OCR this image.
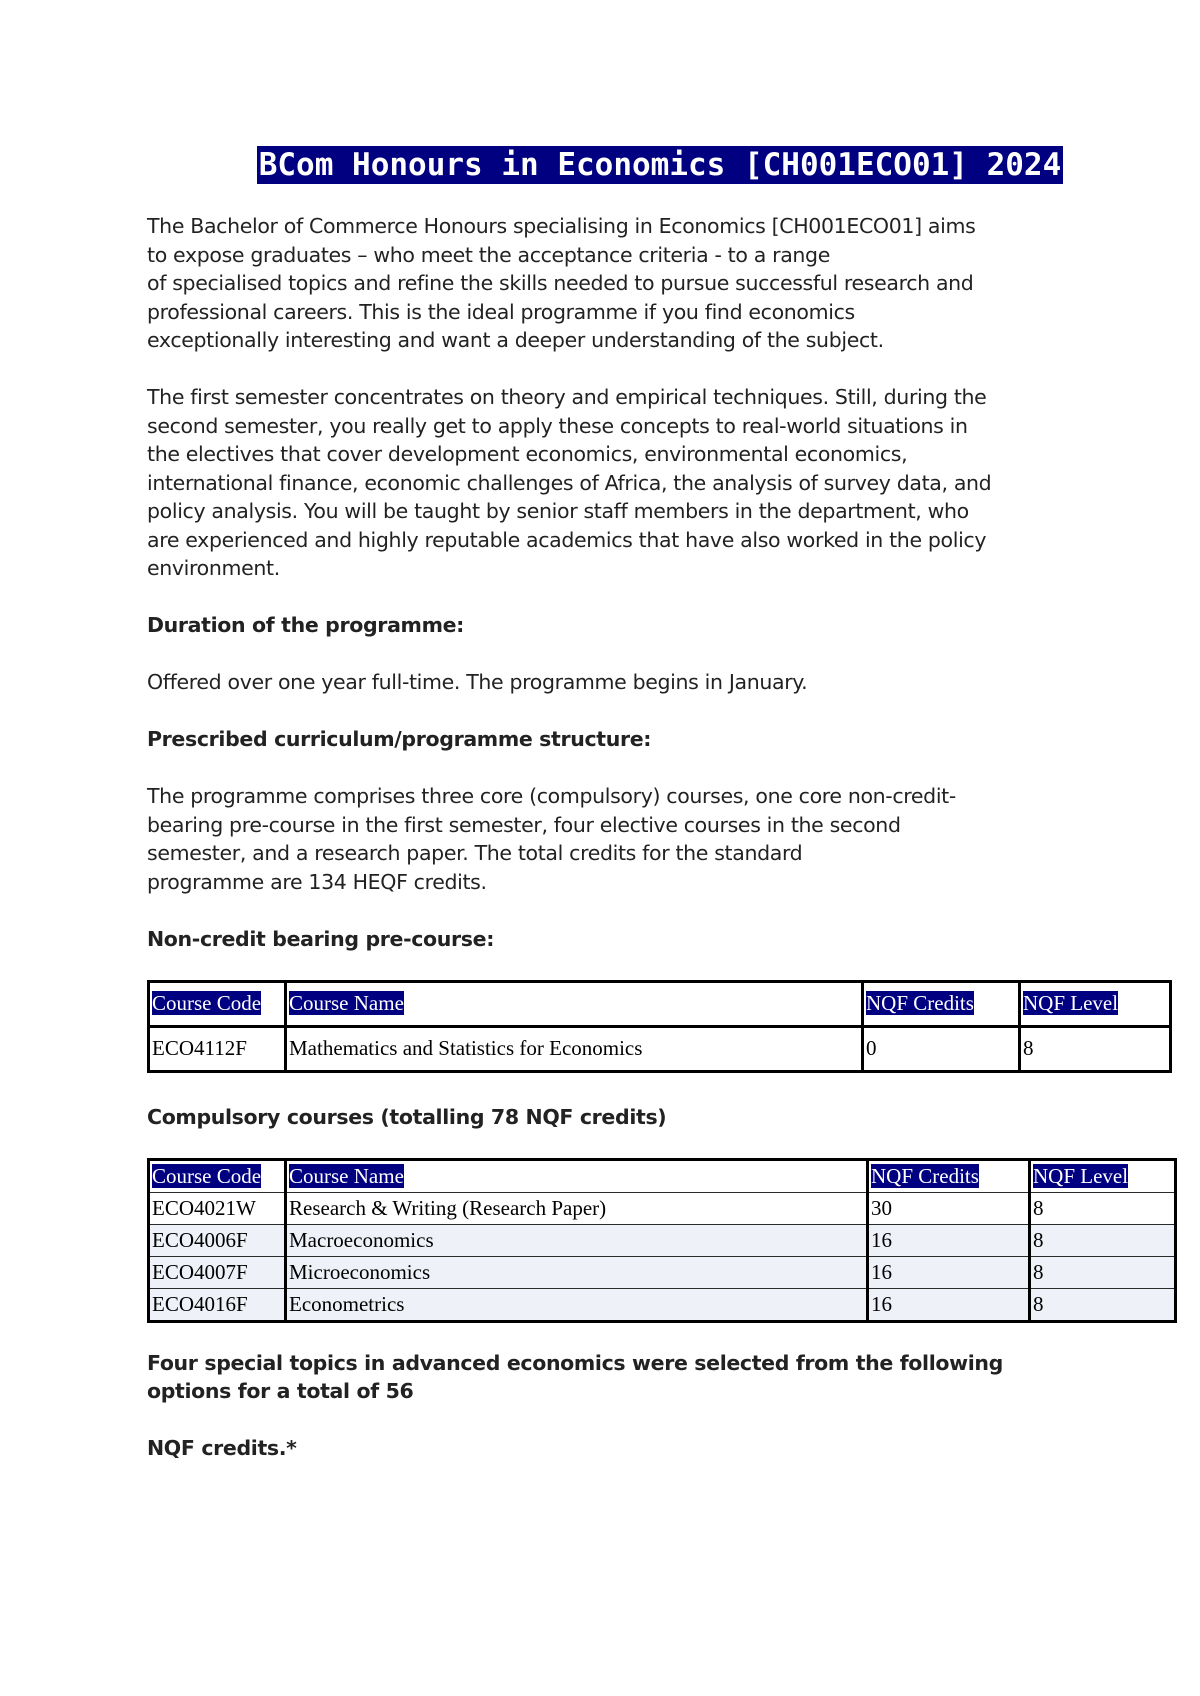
BCom Honours in Economics [CH001ECO01] 2024
The Bachelor of Commerce Honours specialising in Economics [CH001ECO01] aims
to expose graduates – who meet the acceptance criteria - to a range
of specialised topics and refine the skills needed to pursue successful research and
professional careers. This is the ideal programme if you find economics
exceptionally interesting and want a deeper understanding of the subject.
The first semester concentrates on theory and empirical techniques. Still, during the
second semester, you really get to apply these concepts to real-world situations in
the electives that cover development economics, environmental economics,
international finance, economic challenges of Africa, the analysis of survey data, and
policy analysis. You will be taught by senior staff members in the department, who
are experienced and highly reputable academics that have also worked in the policy
environment.
Duration of the programme:
Offered over one year full-time. The programme begins in January.
Prescribed curriculum/programme structure:
The programme comprises three core (compulsory) courses, one core non-credit-
bearing pre-course in the first semester, four elective courses in the second
semester, and a research paper. The total credits for the standard
programme are 134 HEQF credits.
Non-credit bearing pre-course:
Course Code	Course Name	NQF Credits	NQF Level
ECO4112F	Mathematics and Statistics for Economics	0	8
Compulsory courses (totalling 78 NQF credits)
Course Code	Course Name	NQF Credits	NQF Level
ECO4021W	Research & Writing (Research Paper)	30	8
ECO4006F	Macroeconomics	16	8
ECO4007F	Microeconomics	16	8
ECO4016F	Econometrics	16	8
Four special topics in advanced economics were selected from the following
options for a total of 56
NQF credits.*
